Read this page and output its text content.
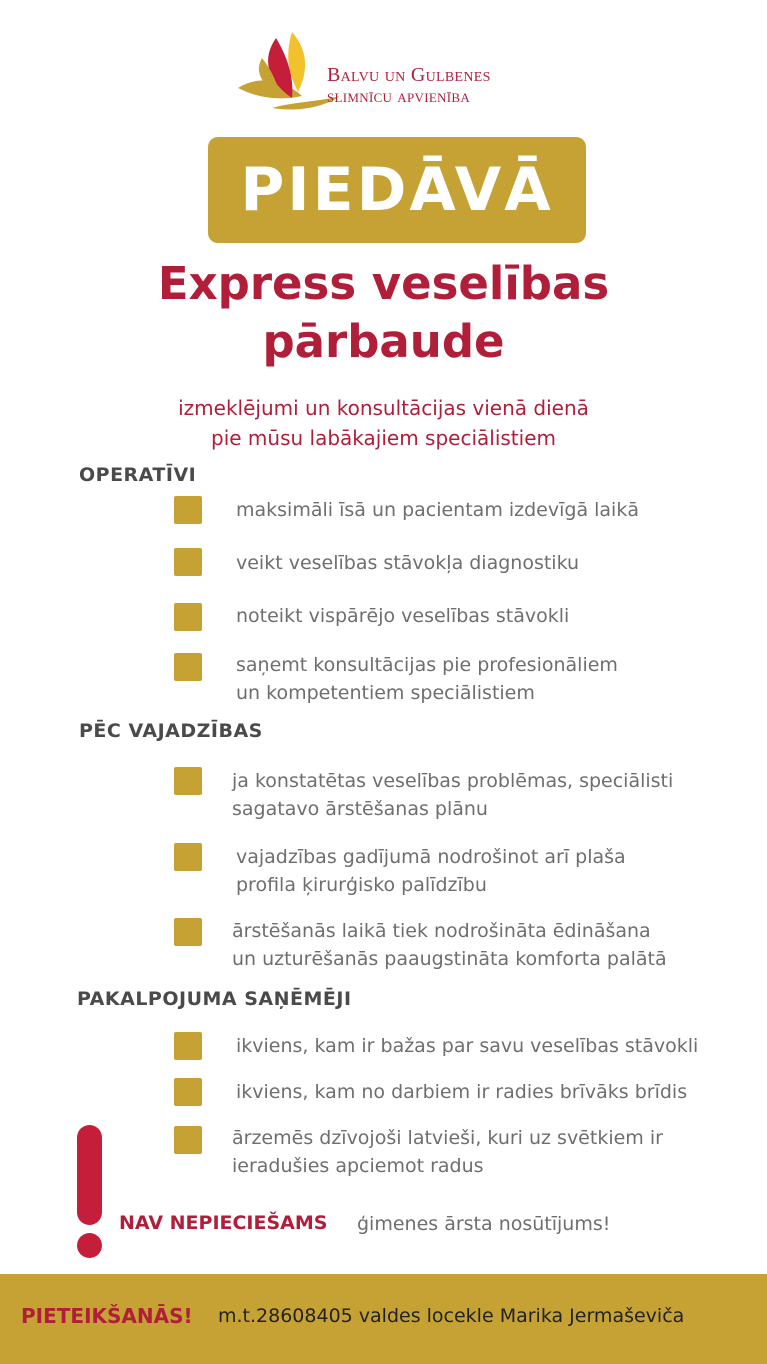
Balvu un Gulbenes
slimnīcu apvienība
PIEDĀVĀ
Express veselības
pārbaude
izmeklējumi un konsultācijas vienā dienā
pie mūsu labākajiem speciālistiem
OPERATĪVI
maksimāli īsā un pacientam izdevīgā laikā
veikt veselības stāvokļa diagnostiku
noteikt vispārējo veselības stāvokli
saņemt konsultācijas pie profesionāliem
un kompetentiem speciālistiem
PĒC VAJADZĪBAS
ja konstatētas veselības problēmas, speciālisti
sagatavo ārstēšanas plānu
vajadzības gadījumā nodrošinot arī plaša
profila ķirurģisko palīdzību
ārstēšanās laikā tiek nodrošināta ēdināšana
un uzturēšanās paaugstināta komforta palātā
PAKALPOJUMA SAŅĒMĒJI
ikviens, kam ir bažas par savu veselības stāvokli
ikviens, kam no darbiem ir radies brīvāks brīdis
ārzemēs dzīvojoši latvieši, kuri uz svētkiem ir
ieradušies apciemot radus
NAV NEPIECIEŠAMS ģimenes ārsta nosūtījums!
PIETEIKŠANĀS! m.t.28608405 valdes locekle Marika Jermaševiča
